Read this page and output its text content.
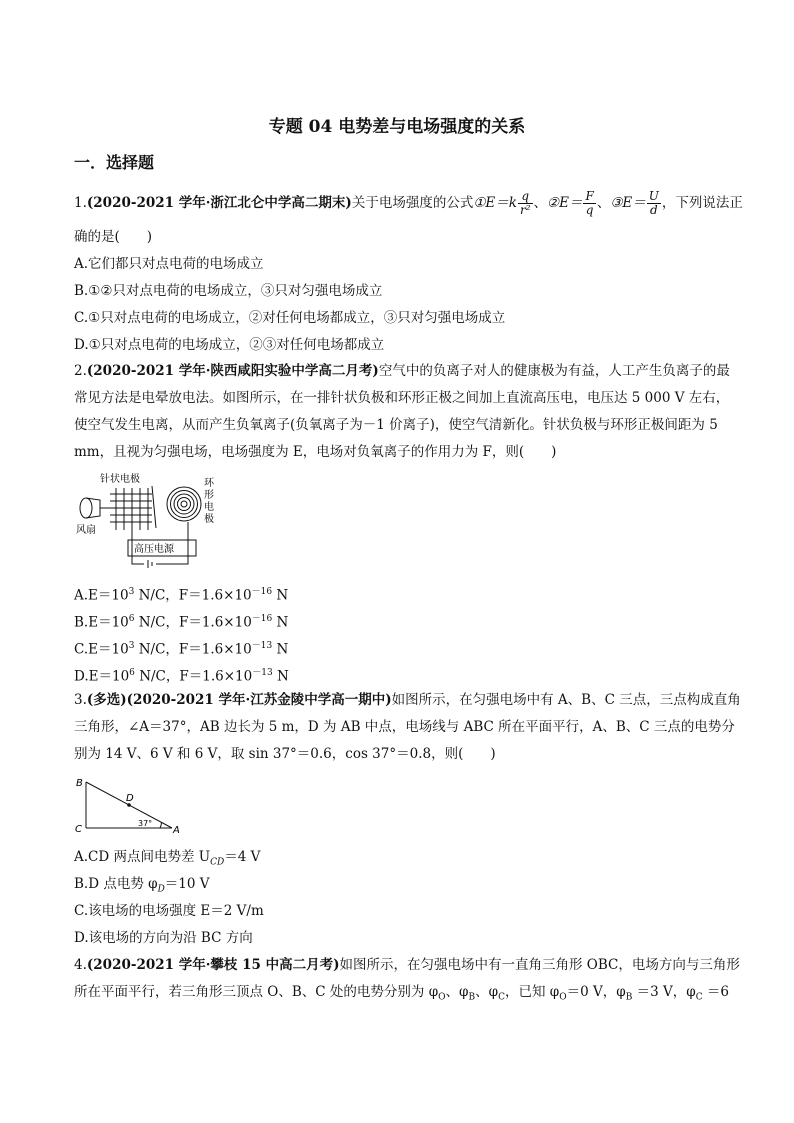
专题 04 电势差与电场强度的关系
一．选择题
1.(2020-2021 学年·浙江北仑中学高二期末)关于电场强度的公式①E＝k $\frac{q}{\text{r²}}$ 、②E＝ $\frac{F}{q}$ 、③E＝ $\frac{U}{d}$ ，下列说法正
确的是(　　)
A.它们都只对点电荷的电场成立
B.①②只对点电荷的电场成立，③只对匀强电场成立
C.①只对点电荷的电场成立，②对任何电场都成立，③只对匀强电场成立
D.①只对点电荷的电场成立，②③对任何电场都成立
2.(2020-2021 学年·陕西咸阳实验中学高二月考)空气中的负离子对人的健康极为有益，人工产生负离子的最
常见方法是电晕放电法。如图所示，在一排针状负极和环形正极之间加上直流高压电，电压达 5 000 V 左右，
使空气发生电离，从而产生负氧离子(负氧离子为－1 价离子)，使空气清新化。针状负极与环形正极间距为 5
mm，且视为匀强电场，电场强度为 E，电场对负氧离子的作用力为 F，则(　　)
针状电极	环
形
电
极
风扇
高压电源
$A.E=10^3$ N/C，$F=1.6\times 10^{-16}$ N
$B.E=10^6$ N/C，$F=1.6\times 10^{-16}$ N
$C.E=10^3$ N/C，$F=1.6\times 10^{-13}$ N
$D.E=10^6$ N/C，$F=1.6\times 10^{-13}$ N
3.(多选)(2020-2021 学年·江苏金陵中学高一期中)如图所示，在匀强电场中有 A、B、C 三点，三点构成直角
三角形，∠A＝37°，AB 边长为 5 m，D 为 AB 中点，电场线与 ABC 所在平面平行，A、B、C 三点的电势分
别为 14 V、6 V 和 6 V，取 sin 37°＝0.6，cos 37°＝0.8，则(　　)
B
C	A
D
37°
A.CD 两点间电势差 $U_{CD}=4$ V
B.D 点电势 $\varphi_D=10$ V
C.该电场的电场强度 E＝2 V/m
D.该电场的方向为沿 BC 方向
4.(2020-2021 学年·攀枝 15 中高二月考)如图所示，在匀强电场中有一直角三角形 OBC，电场方向与三角形
所在平面平行，若三角形三顶点 O、B、C 处的电势分别为 $\varphi_O$、$\varphi_B$、$\varphi_C$，已知 $\varphi_O=0$ V，$\varphi_B =3$ V，$\varphi_C =6$
